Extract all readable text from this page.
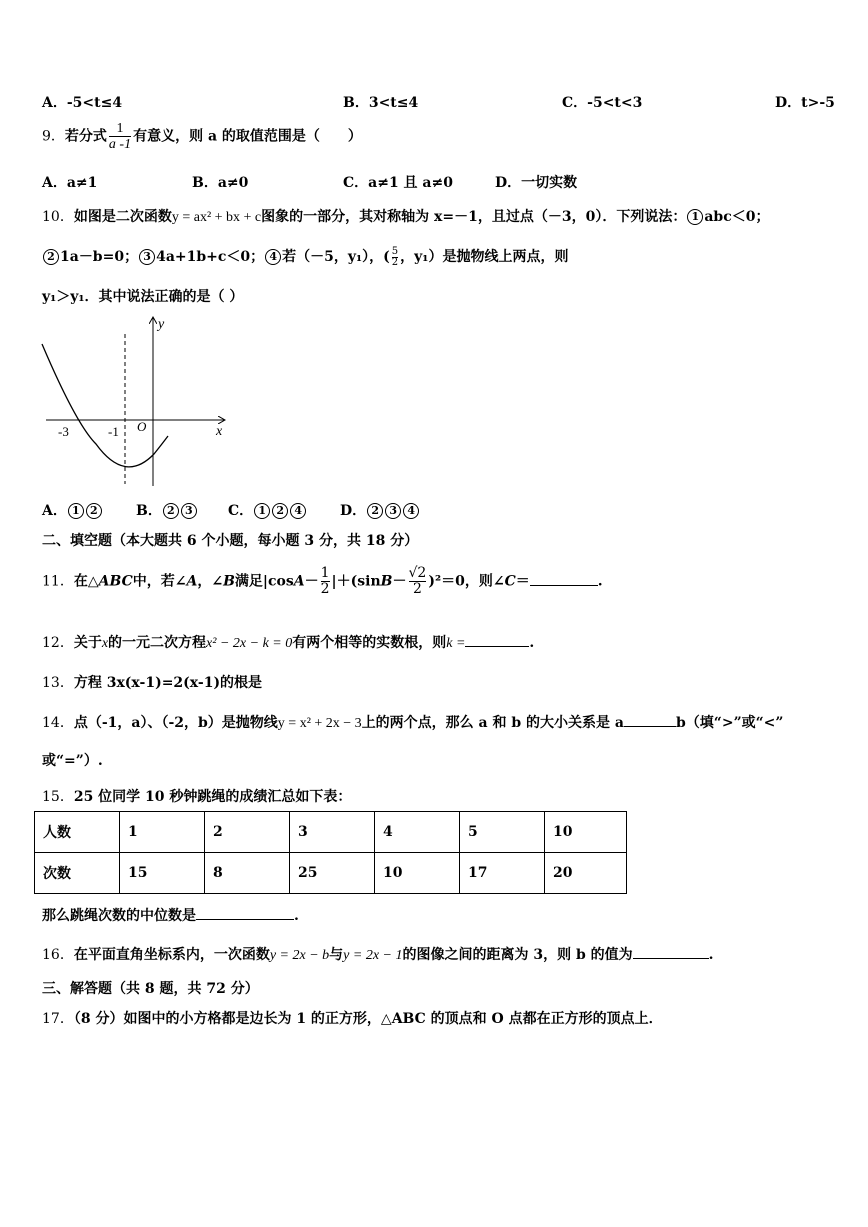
A．-5<t≤4	B．3<t≤4	C．-5<t<3	D．t>-5
9．若分式 $\frac{1}{a -1}$ 有意义，则 a 的取值范围是（　　）
A．a≠1	B．a≠0	C．a≠1 且 a≠0	D．一切实数
10．如图是二次函数y = ax² + bx + c图象的一部分，其对称轴为 x=－1，且过点（－3，0）．下列说法： 1 abc＜0；
2 1a－b=0； 3 4a+1b+c＜0； 4 若（－5，y₁），( $\frac{5}{2}$ ，y₁）是抛物线上两点，则
y₁＞y₁．其中说法正确的是（ ）
y
x
O
-3	-1
A． 1 2	B． 2 3	C． 1 2 4	D． 2 3 4
二、填空题（本大题共 6 个小题，每小题 3 分，共 18 分）
11．在△ABC中，若∠A，∠B满足$|\cos A- \frac{1}{2} |+(\sin B- \frac{√2}{2} )^2=0$，则∠C＝	.
12．关于x的一元二次方程x² − 2x − k = 0有两个相等的实数根，则k =	.
13．方程 3x(x-1)=2(x-1)的根是
14．点（-1，a）、（-2，b）是抛物线y = x² + 2x − 3上的两个点，那么 a 和 b 的大小关系是 a	b（填“>”或“<”
或“=”）.
15．25 位同学 10 秒钟跳绳的成绩汇总如下表：
人数	1	2	3	4	5	10
次数	15	8	25	10	17	20
那么跳绳次数的中位数是	.
16．在平面直角坐标系内，一次函数y = 2x − b与y = 2x − 1的图像之间的距离为 3，则 b 的值为	.
三、解答题（共 8 题，共 72 分）
17．（8 分）如图中的小方格都是边长为 1 的正方形，△ABC 的顶点和 O 点都在正方形的顶点上．
